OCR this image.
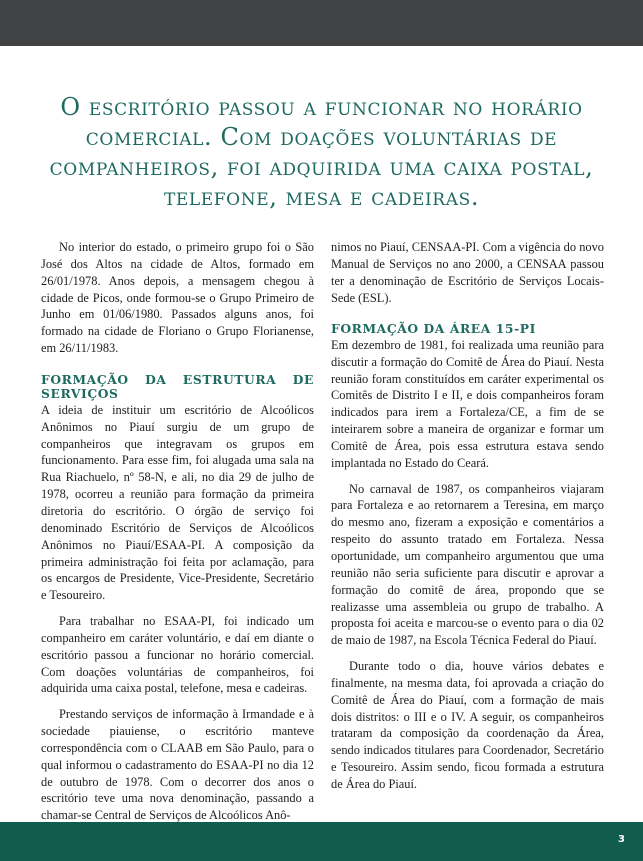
O escritório passou a funcionar no horário comercial. Com doações voluntárias de companheiros, foi adquirida uma caixa postal, telefone, mesa e cadeiras.

No interior do estado, o primeiro grupo foi o São José dos Altos na cidade de Altos, formado em 26/01/1978. Anos depois, a mensagem chegou à cidade de Picos, onde formou-se o Grupo Primeiro de Junho em 01/06/1980. Passados alguns anos, foi formado na cidade de Floriano o Grupo Florianense, em 26/11/1983.

FORMAÇÃO DA ESTRUTURA DE SERVIÇOS

A ideia de instituir um escritório de Alcoólicos Anônimos no Piauí surgiu de um grupo de companheiros que integravam os grupos em funcionamento. Para esse fim, foi alugada uma sala na Rua Riachuelo, nº 58-N, e ali, no dia 29 de julho de 1978, ocorreu a reunião para formação da primeira diretoria do escritório. O órgão de serviço foi denominado Escritório de Serviços de Alcoólicos Anônimos no Piauí/ESAA-PI. A composição da primeira administração foi feita por aclamação, para os encargos de Presidente, Vice-Presidente, Secretário e Tesoureiro.

Para trabalhar no ESAA-PI, foi indicado um companheiro em caráter voluntário, e daí em diante o escritório passou a funcionar no horário comercial. Com doações voluntárias de companheiros, foi adquirida uma caixa postal, telefone, mesa e cadeiras.

Prestando serviços de informação à Irmandade e à sociedade piauiense, o escritório manteve correspondência com o CLAAB em São Paulo, para o qual informou o cadastramento do ESAA-PI no dia 12 de outubro de 1978. Com o decorrer dos anos o escritório teve uma nova denominação, passando a chamar-se Central de Serviços de Alcoólicos Anô-

nimos no Piauí, CENSAA-PI. Com a vigência do novo Manual de Serviços no ano 2000, a CENSAA passou ter a denominação de Escritório de Serviços Locais-Sede (ESL).

FORMAÇÃO DA ÁREA 15-PI

Em dezembro de 1981, foi realizada uma reunião para discutir a formação do Comitê de Área do Piauí. Nesta reunião foram constituídos em caráter experimental os Comitês de Distrito I e II, e dois companheiros foram indicados para irem a Fortaleza/CE, a fim de se inteirarem sobre a maneira de organizar e formar um Comitê de Área, pois essa estrutura estava sendo implantada no Estado do Ceará.

No carnaval de 1987, os companheiros viajaram para Fortaleza e ao retornarem a Teresina, em março do mesmo ano, fizeram a exposição e comentários a respeito do assunto tratado em Fortaleza. Nessa oportunidade, um companheiro argumentou que uma reunião não seria suficiente para discutir e aprovar a formação do comitê de área, propondo que se realizasse uma assembleia ou grupo de trabalho. A proposta foi aceita e marcou-se o evento para o dia 02 de maio de 1987, na Escola Técnica Federal do Piauí.

Durante todo o dia, houve vários debates e finalmente, na mesma data, foi aprovada a criação do Comitê de Área do Piauí, com a formação de mais dois distritos: o III e o IV. A seguir, os companheiros trataram da composição da coordenação da Área, sendo indicados titulares para Coordenador, Secretário e Tesoureiro. Assim sendo, ficou formada a estrutura de Área do Piauí.

3
